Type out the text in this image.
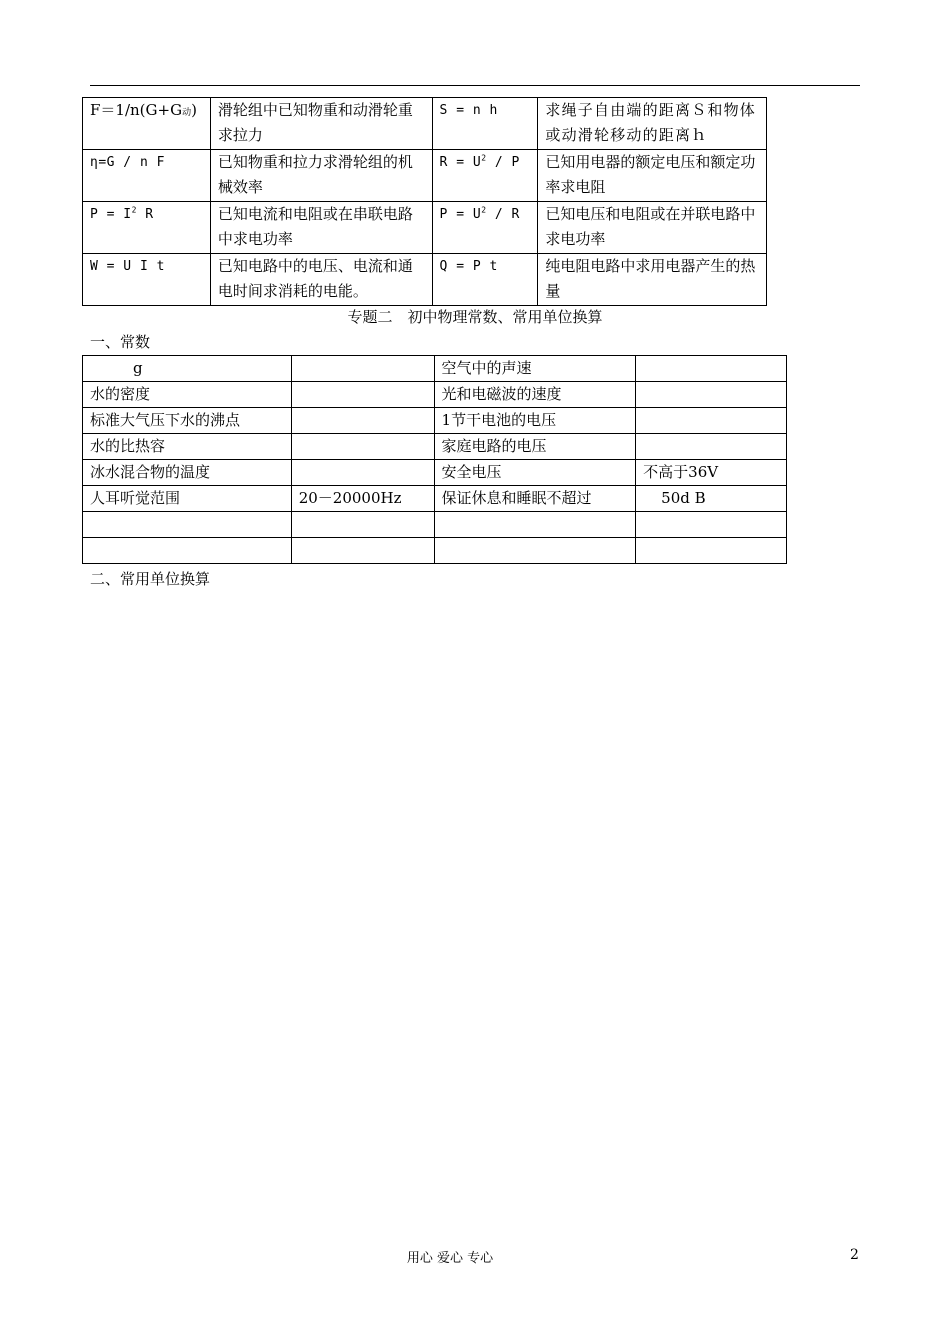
F＝1/n(G+G动)	滑轮组中已知物重和动滑轮重求拉力	S = n h	求绳子自由端的距离Ｓ和物体或动滑轮移动的距离ｈ
η=G / n F	已知物重和拉力求滑轮组的机械效率	$R = U^2 / P$	已知用电器的额定电压和额定功率求电阻
$P = I^2$ R	已知电流和电阻或在串联电路中求电功率	$P = U^2 / R$	已知电压和电阻或在并联电路中求电功率
W = U I t	已知电路中的电压、电流和通电时间求消耗的电能。	Q = P t	纯电阻电路中求用电器产生的热量
专题二　初中物理常数、常用单位换算
一、常数
g		空气中的声速	
水的密度		光和电磁波的速度	
标准大气压下水的沸点		1节干电池的电压	
水的比热容		家庭电路的电压	
冰水混合物的温度		安全电压	不高于36V
人耳听觉范围	20－20000Hz	保证休息和睡眠不超过	50d B

二、常用单位换算
用心 爱心 专心	2
